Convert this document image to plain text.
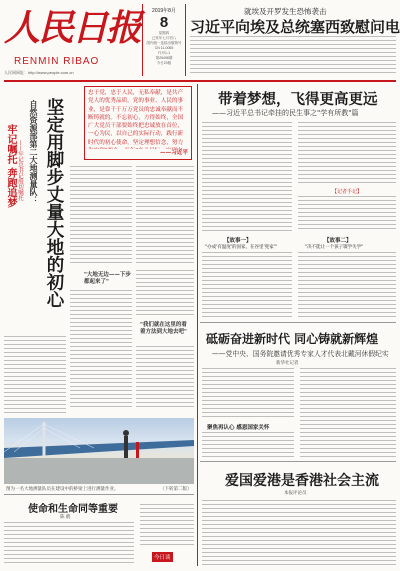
人民日报
RENMIN RIBAO
人民网网址：http://www.people.com.cn
2019年8月
8
星期四
己亥年七月初八
国内统一连续出版物号
CN 11-0065
代号1-1
第25498期
今日20版
就埃及开罗发生恐怖袭击
习近平向埃及总统塞西致慰问电
带着梦想，飞得更高更远
——习近平总书记牵挂的民生事之"学有所教"篇
【记者手记】
【故事一】
"办成'有温度'的国家，在谷里'兜家'"
【故事二】
"决不能让一个孩子辍学失学"
砥砺奋进新时代 同心铸就新辉煌
——党中央、国务院邀请优秀专家人才代表北戴河休假纪实
新华社记者
聚焦再认心 感恩国家关怀
爱国爱港是香港社会主流
本报评论员
牢记嘱托 奔跑追梦 ——牢记总书记殷切嘱托 自然资源部第二大地测量队： 坚定用脚步丈量大地的初心
忠于党，忠于人民，无私奉献，是共产党人的优秀品质，党的事业、人民的事业，是靠千千万万党员的忠诚奉献而不断铸就的。不忘初心，方得始终，全国广大党员干部要始终把忠诚放在首位，一心为民，以自己的实际行动，践行新时代的初心使命，坚定理想信念，努力
——习近平
"大地无边——下步都起来了"
"我们就在这里的看着方法到大地去吧"
图为一名大地测量队员在建设中的桥梁上进行测量作业。	（下转第二版）
使命和生命同等重要
陈 鹤
今日谈
